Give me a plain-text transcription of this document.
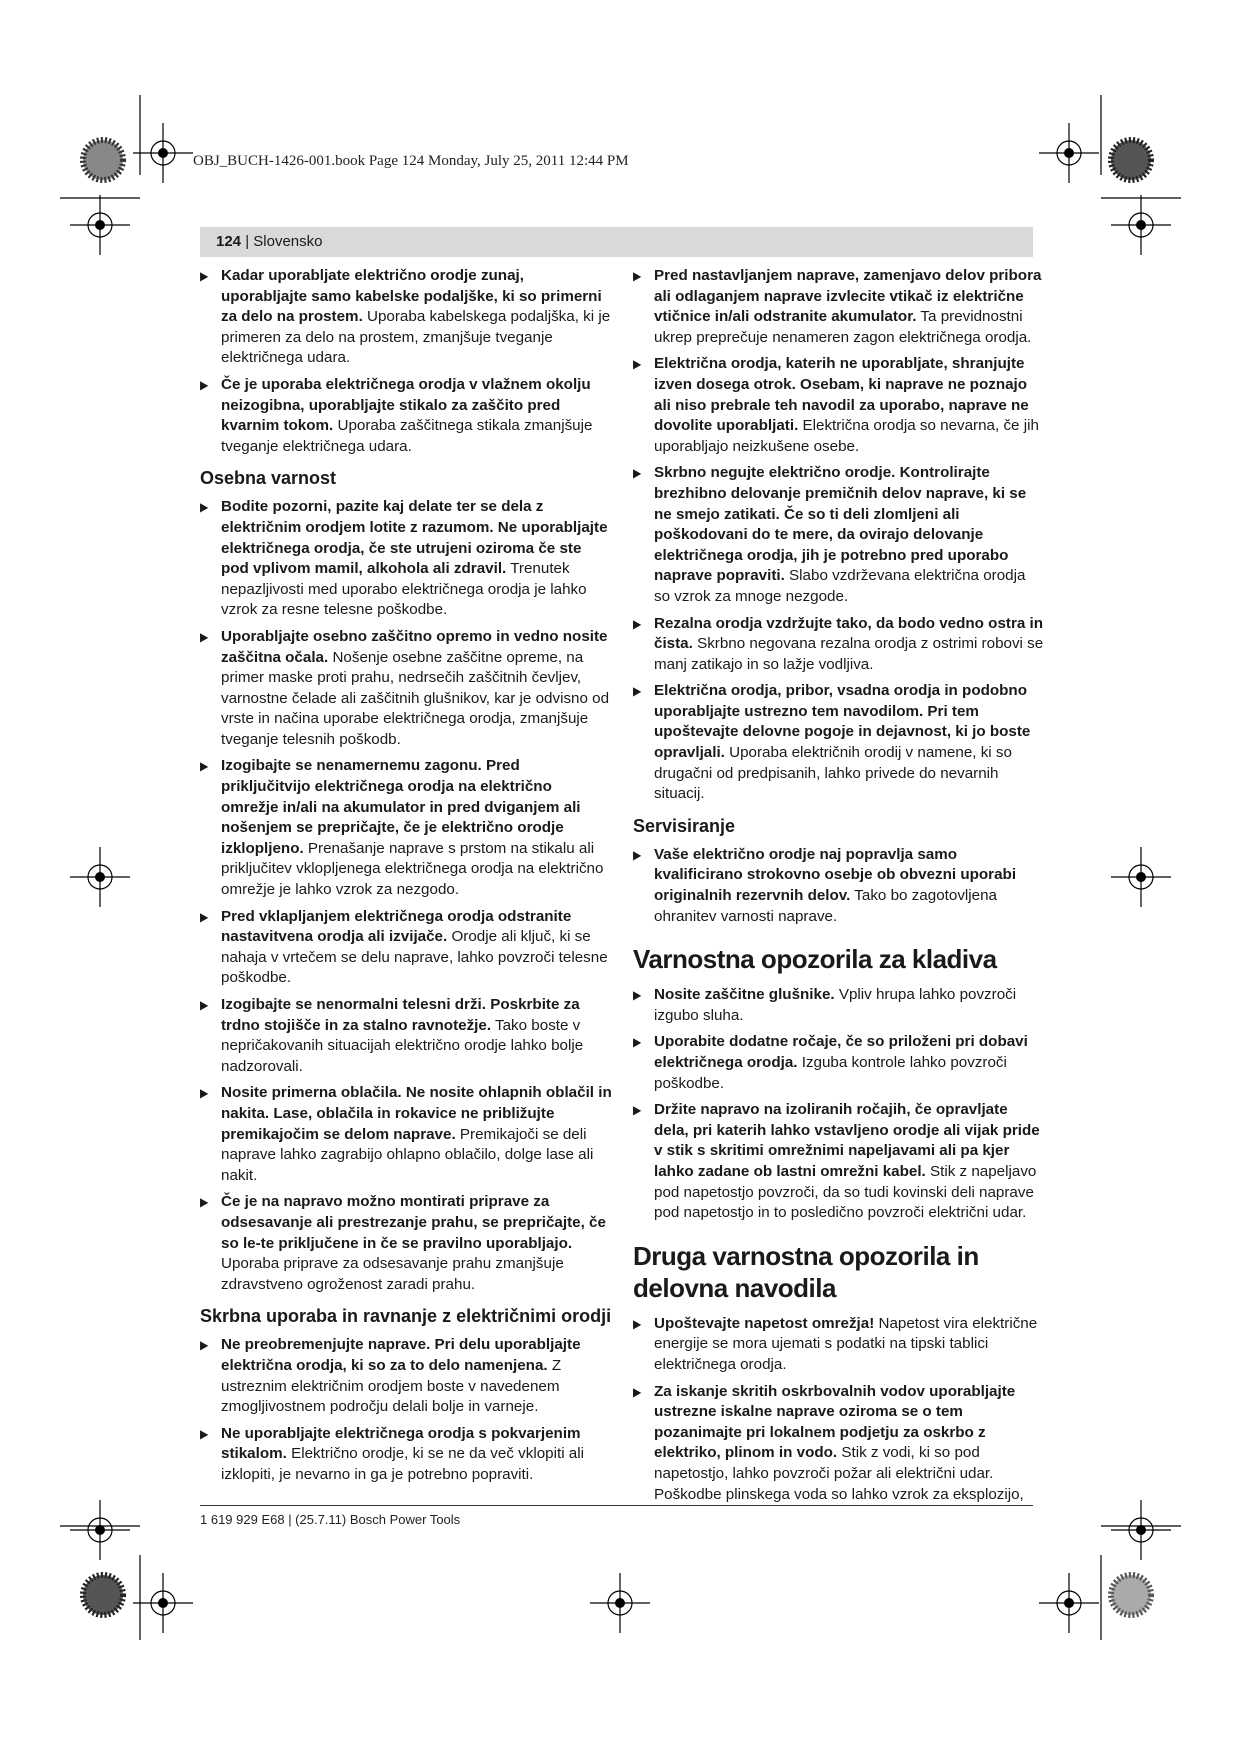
OBJ_BUCH-1426-001.book Page 124 Monday, July 25, 2011 12:44 PM
124 | Slovensko
▶ Kadar uporabljate električno orodje zunaj, uporabljajte samo kabelske podaljške, ki so primerni za delo na prostem. Uporaba kabelskega podaljška, ki je primeren za delo na prostem, zmanjšuje tveganje električnega udara.
▶ Če je uporaba električnega orodja v vlažnem okolju neizogibna, uporabljajte stikalo za zaščito pred kvarnim tokom. Uporaba zaščitnega stikala zmanjšuje tveganje električnega udara.
Osebna varnost
▶ Bodite pozorni, pazite kaj delate ter se dela z električnim orodjem lotite z razumom. Ne uporabljajte električnega orodja, če ste utrujeni oziroma če ste pod vplivom mamil, alkohola ali zdravil. Trenutek nepazljivosti med uporabo električnega orodja je lahko vzrok za resne telesne poškodbe.
▶ Uporabljajte osebno zaščitno opremo in vedno nosite zaščitna očala. Nošenje osebne zaščitne opreme, na primer maske proti prahu, nedrsečih zaščitnih čevljev, varnostne čelade ali zaščitnih glušnikov, kar je odvisno od vrste in načina uporabe električnega orodja, zmanjšuje tveganje telesnih poškodb.
▶ Izogibajte se nenamernemu zagonu. Pred priključitvijo električnega orodja na električno omrežje in/ali na akumulator in pred dviganjem ali nošenjem se prepričajte, če je električno orodje izklopljeno. Prenašanje naprave s prstom na stikalu ali priključitev vklopljenega električnega orodja na električno omrežje je lahko vzrok za nezgodo.
▶ Pred vklapljanjem električnega orodja odstranite nastavitvena orodja ali izvijače. Orodje ali ključ, ki se nahaja v vrtečem se delu naprave, lahko povzroči telesne poškodbe.
▶ Izogibajte se nenormalni telesni drži. Poskrbite za trdno stojišče in za stalno ravnotežje. Tako boste v nepričakovanih situacijah električno orodje lahko bolje nadzorovali.
▶ Nosite primerna oblačila. Ne nosite ohlapnih oblačil in nakita. Lase, oblačila in rokavice ne približujte premikajočim se delom naprave. Premikajoči se deli naprave lahko zagrabijo ohlapno oblačilo, dolge lase ali nakit.
▶ Če je na napravo možno montirati priprave za odsesavanje ali prestrezanje prahu, se prepričajte, če so le-te priključene in če se pravilno uporabljajo. Uporaba priprave za odsesavanje prahu zmanjšuje zdravstveno ogroženost zaradi prahu.
Skrbna uporaba in ravnanje z električnimi orodji
▶ Ne preobremenjujte naprave. Pri delu uporabljajte električna orodja, ki so za to delo namenjena. Z ustreznim električnim orodjem boste v navedenem zmogljivostnem področju delali bolje in varneje.
▶ Ne uporabljajte električnega orodja s pokvarjenim stikalom. Električno orodje, ki se ne da več vklopiti ali izklopiti, je nevarno in ga je potrebno popraviti.
▶ Pred nastavljanjem naprave, zamenjavo delov pribora ali odlaganjem naprave izvlecite vtikač iz električne vtičnice in/ali odstranite akumulator. Ta previdnostni ukrep preprečuje nenameren zagon električnega orodja.
▶ Električna orodja, katerih ne uporabljate, shranjujte izven dosega otrok. Osebam, ki naprave ne poznajo ali niso prebrale teh navodil za uporabo, naprave ne dovolite uporabljati. Električna orodja so nevarna, če jih uporabljajo neizkušene osebe.
▶ Skrbno negujte električno orodje. Kontrolirajte brezhibno delovanje premičnih delov naprave, ki se ne smejo zatikati. Če so ti deli zlomljeni ali poškodovani do te mere, da ovirajo delovanje električnega orodja, jih je potrebno pred uporabo naprave popraviti. Slabo vzdrževana električna orodja so vzrok za mnoge nezgode.
▶ Rezalna orodja vzdržujte tako, da bodo vedno ostra in čista. Skrbno negovana rezalna orodja z ostrimi robovi se manj zatikajo in so lažje vodljiva.
▶ Električna orodja, pribor, vsadna orodja in podobno uporabljajte ustrezno tem navodilom. Pri tem upoštevajte delovne pogoje in dejavnost, ki jo boste opravljali. Uporaba električnih orodij v namene, ki so drugačni od predpisanih, lahko privede do nevarnih situacij.
Servisiranje
▶ Vaše električno orodje naj popravlja samo kvalificirano strokovno osebje ob obvezni uporabi originalnih rezervnih delov. Tako bo zagotovljena ohranitev varnosti naprave.
Varnostna opozorila za kladiva
▶ Nosite zaščitne glušnike. Vpliv hrupa lahko povzroči izgubo sluha.
▶ Uporabite dodatne ročaje, če so priloženi pri dobavi električnega orodja. Izguba kontrole lahko povzroči poškodbe.
▶ Držite napravo na izoliranih ročajih, če opravljate dela, pri katerih lahko vstavljeno orodje ali vijak pride v stik s skritimi omrežnimi napeljavami ali pa kjer lahko zadane ob lastni omrežni kabel. Stik z napeljavo pod napetostjo povzroči, da so tudi kovinski deli naprave pod napetostjo in to posledično povzroči električni udar.
Druga varnostna opozorila in delovna navodila
▶ Upoštevajte napetost omrežja! Napetost vira električne energije se mora ujemati s podatki na tipski tablici električnega orodja.
▶ Za iskanje skritih oskrbovalnih vodov uporabljajte ustrezne iskalne naprave oziroma se o tem pozanimajte pri lokalnem podjetju za oskrbo z elektriko, plinom in vodo. Stik z vodi, ki so pod napetostjo, lahko povzroči požar ali električni udar. Poškodbe plinskega voda so lahko vzrok za eksplozijo,
1 619 929 E68 | (25.7.11) Bosch Power Tools
